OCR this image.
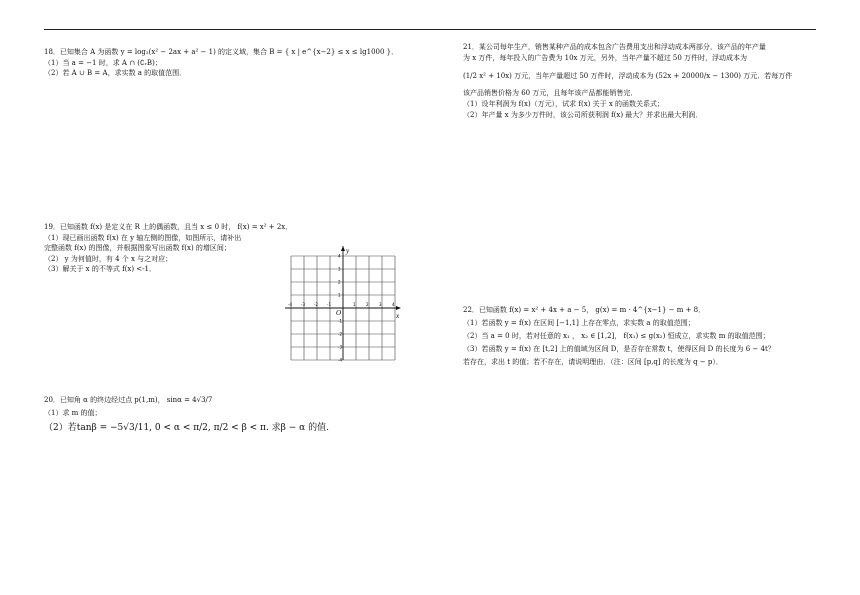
18．已知集合 A 为函数 y = log₂(x² − 2ax + a² − 1) 的定义域，集合 B = { x | e^{x−2} ≤ x ≤ lg1000 }．

（1）当 a = −1 时，求 A ∩ (∁ᵣB)；

（2）若 A ∪ B = A，求实数 a 的取值范围．

19．已知函数 f(x) 是定义在 R 上的偶函数，且当 x ≤ 0 时， f(x) = x² + 2x．

（1）现已画出函数 f(x) 在 y 轴左侧的图像，如图所示，请补出

完整函数 f(x) 的图像，并根据图象写出函数 f(x) 的增区间；

（2） y 为何值时，有 4 个 x 与之对应；

（3）解关于 x 的不等式 f(x) <-1．

y
x
O
-4 -3 -2 -1	1	2	3	4
4
3
2
1
-1
-2
-3
-4

20．已知角 α 的终边经过点 p(1,m)， sinα = 4√3/7

（1）求 m 的值；

（2）若tanβ = −5√3/11, 0 < α < π/2, π/2 < β < π. 求β − α 的值.

21．某公司每年生产，销售某种产品的成本包含广告费用支出和浮动成本两部分，该产品的年产量

为 x 万件，每年投入的广告费为 10x 万元，另外，当年产量不超过 50 万件时，浮动成本为

(1/2 x² + 10x) 万元，当年产量超过 50 万件时，浮动成本为 (52x + 20000/x − 1300) 万元．若每万件

该产品销售价格为 60 万元，且每年该产品都能销售完．

（1）设年利润为 f(x)（万元），试求 f(x) 关于 x 的函数关系式；

（2）年产量 x 为多少万件时，该公司所获利润 f(x) 最大？并求出最大利润．

22．已知函数 f(x) = x² + 4x + a − 5， g(x) = m · 4^{x−1} − m + 8．

（1）若函数 y = f(x) 在区间 [−1,1] 上存在零点，求实数 a 的取值范围；

（2）当 a = 0 时，若对任意的 x₁ ， x₂ ∈ [1,2]， f(x₁) ≤ g(x₂) 恒成立，求实数 m 的取值范围；

（3）若函数 y = f(x) 在 [t,2] 上的值域为区间 D，是否存在常数 t，使得区间 D 的长度为 6 − 4t？

若存在，求出 t 的值；若不存在，请说明理由．（注：区间 [p,q] 的长度为 q − p）．
